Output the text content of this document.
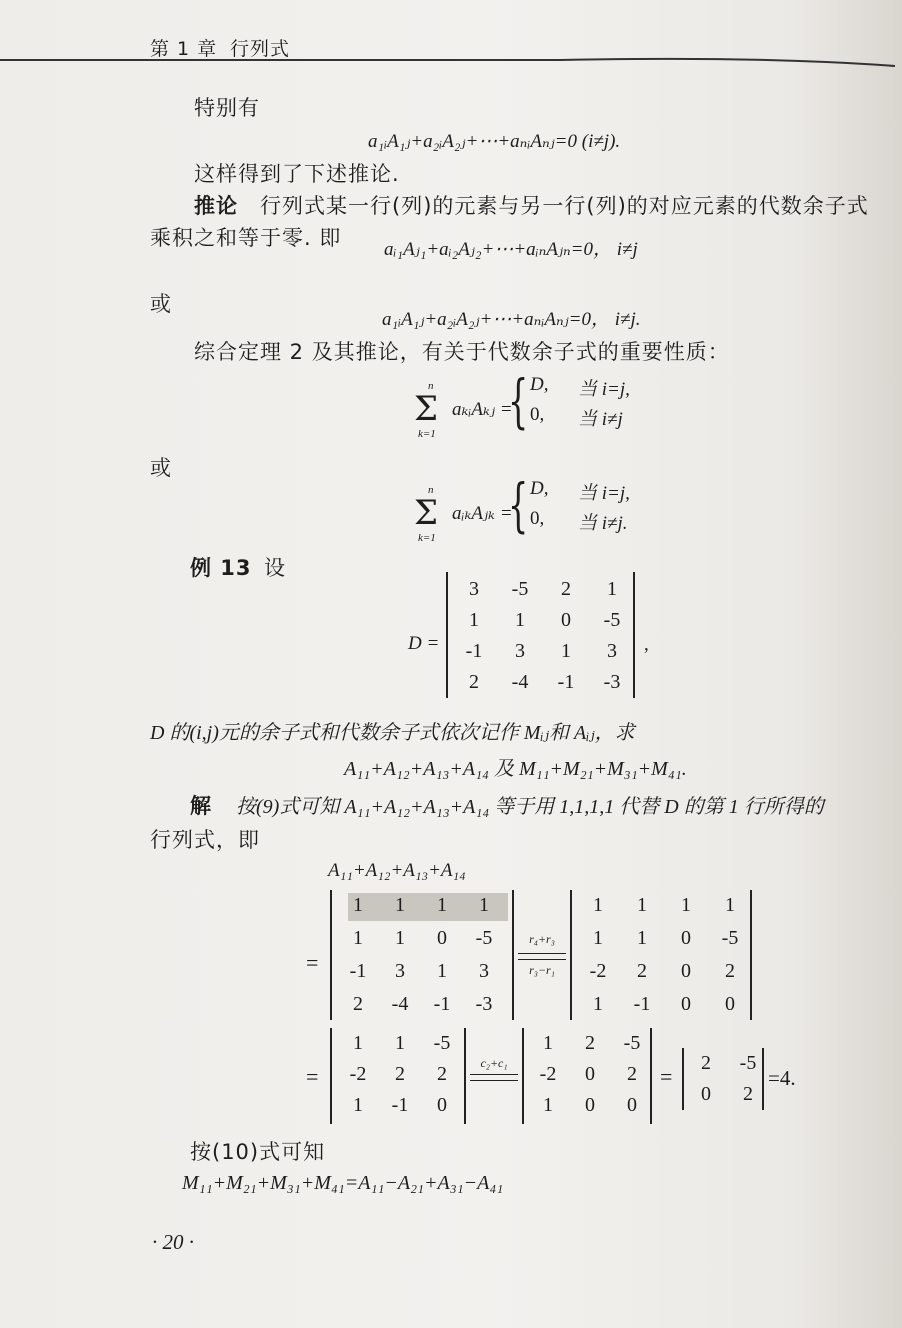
第 1 章 行列式
特别有
a₁ᵢA₁ⱼ+a₂ᵢA₂ⱼ+⋯+aₙᵢAₙⱼ=0 (i≠j).
这样得到了下述推论.
推论 行列式某一行(列)的元素与另一行(列)的对应元素的代数余子式
乘积之和等于零. 即 aᵢ₁Aⱼ₁+aᵢ₂Aⱼ₂+⋯+aᵢₙAⱼₙ=0， i≠j
或
a₁ᵢA₁ⱼ+a₂ᵢA₂ⱼ+⋯+aₙᵢAₙⱼ=0， i≠j.
综合定理 2 及其推论，有关于代数余子式的重要性质：
n
Σ
k=1
aₖᵢAₖⱼ =
{ D, 当 i=j,
0, 当 i≠j
或
n
Σ
k=1
aᵢₖAⱼₖ =
{ D, 当 i=j,
0, 当 i≠j.
例 13 设
D =
3	-5	2	1
1	1	0	-5
-1	3	1	3
2	-4	-1	-3
,
D 的(i,j)元的余子式和代数余子式依次记作 Mᵢⱼ和 Aᵢⱼ，求
A₁₁+A₁₂+A₁₃+A₁₄ 及 M₁₁+M₂₁+M₃₁+M₄₁.
解 按(9)式可知 A₁₁+A₁₂+A₁₃+A₁₄ 等于用 1,1,1,1 代替 D 的第 1 行所得的
行列式，即
A₁₁+A₁₂+A₁₃+A₁₄
=
1	1	1	1
1	1	0	-5
-1	3	1	3
2	-4	-1	-3
r₄+r₃
r₃−r₁
1	1	1	1
1	1	0	-5
-2	2	0	2
1	-1	0	0
=
1	1	-5
-2	2	2
1	-1	0
c₂+c₁
1	2	-5
-2	0	2
1	0	0
=
2	-5
0	2
=4.
按(10)式可知
M₁₁+M₂₁+M₃₁+M₄₁=A₁₁−A₂₁+A₃₁−A₄₁
· 20 ·
